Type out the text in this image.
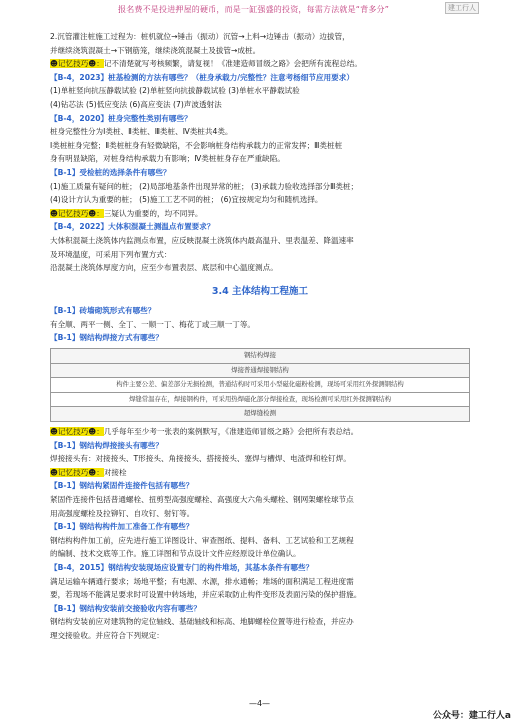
报名费不是投进押屋的硬币，而是一缸强盛的投资，每需方法就是“背多分”	建工行人
2.沉管灌注桩施工过程为：桩机就位→锤击（振动）沉管→上料→边锤击（振动）边拔管，
并继续浇筑混凝土→下钢筋笼，继续浇筑混凝土及拔管→成桩。
☻记忆技巧☻：记不清楚就写考核频繁，请复视！《准建造师冒级之路》会把所有流程总结。
【B-4，2023】桩基检测的方法有哪些？（桩身承载力/完整性？注意考杨细节应用要求）
(1)单桩竖向抗压静载试验 (2)单桩竖向抗拔静载试验 (3)单桩水平静载试验
(4)钻芯法 (5)低应变法 (6)高应变法 (7)声波透射法
【B-4，2020】桩身完整性类别有哪些？
桩身完整性分为Ⅰ类桩、Ⅱ类桩、Ⅲ类桩、Ⅳ类桩共4类。
Ⅰ类桩桩身完整；Ⅱ类桩桩身有轻微缺陷，不会影响桩身结构承载力的正常发挥；Ⅲ类桩桩
身有明显缺陷，对桩身结构承载力有影响；Ⅳ类桩桩身存在严重缺陷。
【B-1】受检桩的选择条件有哪些？
(1)施工质量有疑问的桩； (2)局部地基条件出现异常的桩； (3)承载力验收选择部分Ⅲ类桩；
(4)设计方认为重要的桩； (5)施工工艺不同的桩； (6)宜按规定均匀和随机选择。
☻记忆技巧☻：三疑认为重要的，均不同异。
【B-4，2022】大体积混凝土测温点布置要求？
大体积混凝土浇筑体内监测点布置，应反映混凝土浇筑体内最高温升、里表温差、降温速率
及环境温度，可采用下列布置方式：
沿混凝土浇筑体厚度方向，应至少布置表层、底层和中心温度测点。
3.4 主体结构工程施工
【B-1】砖墙砌筑形式有哪些？
有全顺、两平一侧、全丁、一顺一丁、梅花丁或三顺一丁等。
【B-1】钢结构焊接方式有哪些？
钢结构焊接
焊接普通焊接钢结构
构件主要公差、偏差部分无损检测，普通结构时可采用小型磁化磁粉检测，现场可采用红外探测钢结构
焊缝常温存在，焊接钢构件，可采用热焊磁化部分焊接检查，现场检测可采用红外探测钢结构
超焊缝检测
☻记忆技巧☻：几乎每年至少考一张表的案例默写，《准建造师冒级之路》会把所有表总结。
【B-1】钢结构焊接接头有哪些？
焊接接头有：对接接头、T形接头、角接接头、搭接接头、塞焊与槽焊、电渣焊和栓钉焊。
☻记忆技巧☻：对接栓
【B-1】钢结构紧固件连接件包括有哪些？
紧固件连接件包括普通螺栓、扭剪型高强度螺栓、高强度大六角头螺栓、钢网架螺栓球节点
用高强度螺栓及拉铆钉、自攻钉、射钉等。
【B-1】钢结构构件加工准备工作有哪些？
钢结构构件加工前，应先进行施工详图设计、审查图纸、提料、备料、工艺试验和工艺规程
的编制、技术交底等工作。施工详图和节点设计文件应经原设计单位确认。
【B-4，2015】钢结构安装现场应设置专门的构件堆场，其基本条件有哪些？
满足运输车辆通行要求；场地平整；有电源、水源，排水通畅；堆场的面积满足工程进度需
要，若现场不能满足要求时可设置中转场地，并应采取防止构件变形及表面污染的保护措施。
【B-1】钢结构安装前交接验收内容有哪些？
钢结构安装前应对建筑物的定位轴线、基础轴线和标高、地脚螺栓位置等进行检查，并应办
理交接验收。并应符合下列规定：
—4—
公众号：建工行人a
